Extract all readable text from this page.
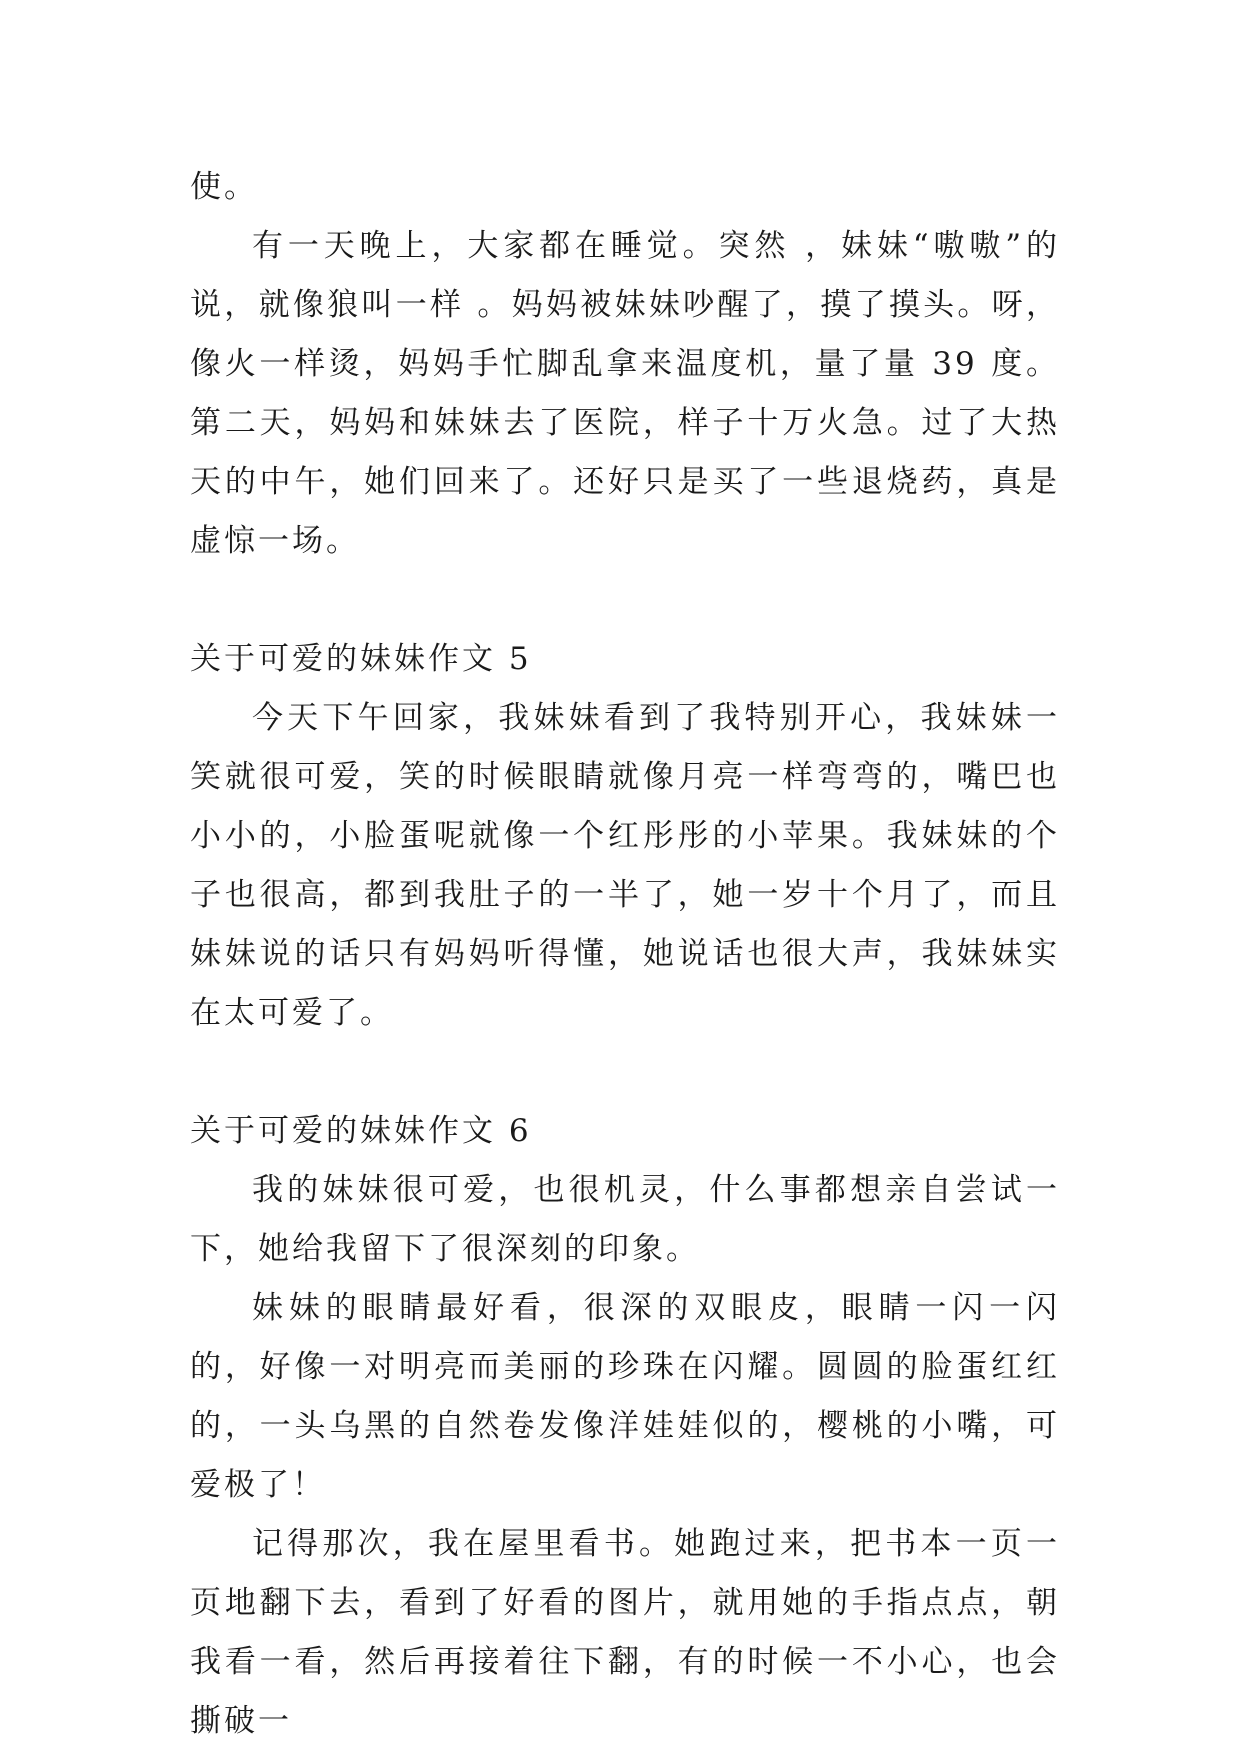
使。

有一天晚上，大家都在睡觉。突然 ，妹妹“嗷嗷”的说，就像狼叫一样 。妈妈被妹妹吵醒了，摸了摸头。呀，像火一样烫，妈妈手忙脚乱拿来温度机，量了量 39 度。第二天，妈妈和妹妹去了医院，样子十万火急。过了大热天的中午，她们回来了。还好只是买了一些退烧药，真是虚惊一场。

关于可爱的妹妹作文 5

今天下午回家，我妹妹看到了我特别开心，我妹妹一笑就很可爱，笑的时候眼睛就像月亮一样弯弯的，嘴巴也小小的，小脸蛋呢就像一个红彤彤的小苹果。我妹妹的个子也很高，都到我肚子的一半了，她一岁十个月了，而且妹妹说的话只有妈妈听得懂，她说话也很大声，我妹妹实在太可爱了。

关于可爱的妹妹作文 6

我的妹妹很可爱，也很机灵，什么事都想亲自尝试一下，她给我留下了很深刻的印象。

妹妹的眼睛最好看，很深的双眼皮，眼睛一闪一闪的，好像一对明亮而美丽的珍珠在闪耀。圆圆的脸蛋红红的，一头乌黑的自然卷发像洋娃娃似的，樱桃的小嘴，可爱极了！

记得那次，我在屋里看书。她跑过来，把书本一页一页地翻下去，看到了好看的图片，就用她的手指点点，朝我看一看，然后再接着往下翻，有的时候一不小心，也会撕破一
